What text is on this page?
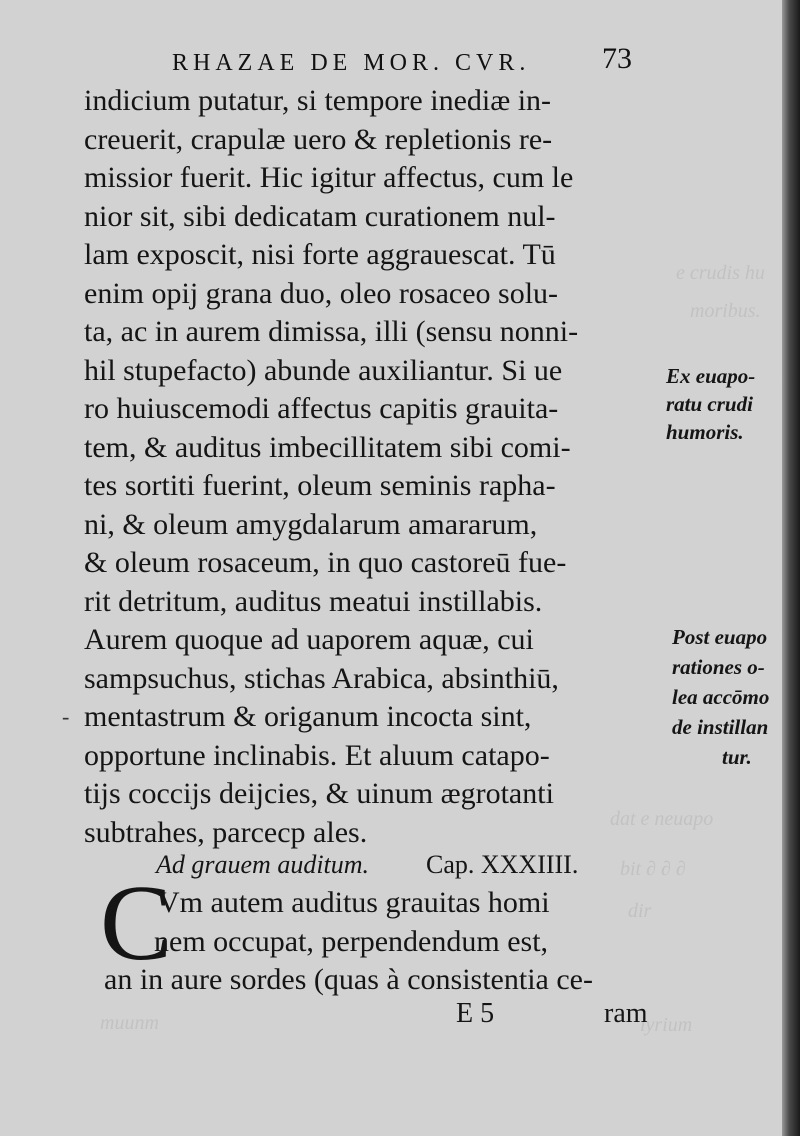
e crudis hu
moribus.
dat e neuapo
bit ∂ ∂ ∂
dir
muunm	lyrium
RHAZAE DE MOR. CVR. 73
indicium putatur, si tempore inediæ in-
creuerit, crapulæ uero & repletionis re-
missior fuerit. Hic igitur affectus, cum le
nior sit, sibi dedicatam curationem nul-
lam exposcit, nisi forte aggrauescat. Tū
enim opij grana duo, oleo rosaceo solu-
ta, ac in aurem dimissa, illi (sensu nonni-
hil stupefacto) abunde auxiliantur. Si ue
ro huiuscemodi affectus capitis grauita-
tem, & auditus imbecillitatem sibi comi-
tes sortiti fuerint, oleum seminis rapha-
ni, & oleum amygdalarum amararum,
& oleum rosaceum, in quo castoreū fue-
rit detritum, auditus meatui instillabis.
Aurem quoque ad uaporem aquæ, cui
sampsuchus, stichas Arabica, absinthiū,
mentastrum & origanum incocta sint,
opportune inclinabis. Et aluum catapo-
tijs coccijs deijcies, & uinum ægrotanti
subtrahes, parcecp ales.
-
Ex euapo-
ratu crudi
humoris.
Post euapo
rationes o-
lea accōmo
de instillan
tur.
Ad grauem auditum. Cap. XXXIIII.
C
Vm autem auditus grauitas homi
nem occupat, perpendendum est,
an in aure sordes (quas à consistentia ce-
E 5	ram
